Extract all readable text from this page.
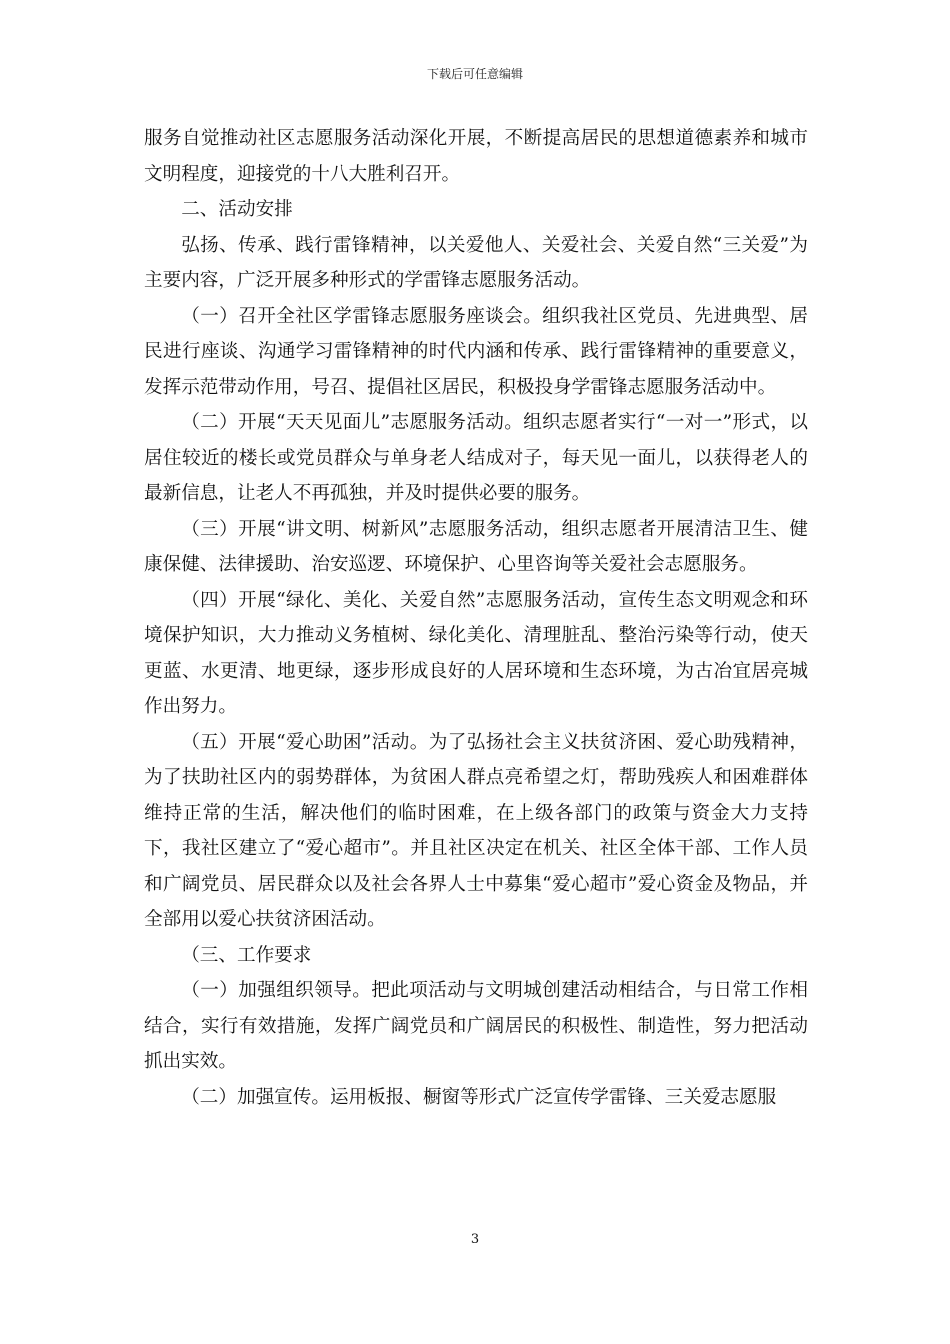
下载后可任意编辑

服务自觉推动社区志愿服务活动深化开展，不断提高居民的思想道德素养和城市文明程度，迎接党的十八大胜利召开。

二、活动安排

弘扬、传承、践行雷锋精神，以关爱他人、关爱社会、关爱自然“三关爱”为主要内容，广泛开展多种形式的学雷锋志愿服务活动。

（一）召开全社区学雷锋志愿服务座谈会。组织我社区党员、先进典型、居民进行座谈、沟通学习雷锋精神的时代内涵和传承、践行雷锋精神的重要意义，发挥示范带动作用，号召、提倡社区居民，积极投身学雷锋志愿服务活动中。

（二）开展“天天见面儿”志愿服务活动。组织志愿者实行“一对一”形式，以居住较近的楼长或党员群众与单身老人结成对子，每天见一面儿，以获得老人的最新信息，让老人不再孤独，并及时提供必要的服务。

（三）开展“讲文明、树新风”志愿服务活动，组织志愿者开展清洁卫生、健康保健、法律援助、治安巡逻、环境保护、心里咨询等关爱社会志愿服务。

（四）开展“绿化、美化、关爱自然”志愿服务活动，宣传生态文明观念和环境保护知识，大力推动义务植树、绿化美化、清理脏乱、整治污染等行动，使天更蓝、水更清、地更绿，逐步形成良好的人居环境和生态环境，为古冶宜居亮城作出努力。

（五）开展“爱心助困”活动。为了弘扬社会主义扶贫济困、爱心助残精神，为了扶助社区内的弱势群体，为贫困人群点亮希望之灯，帮助残疾人和困难群体维持正常的生活，解决他们的临时困难，在上级各部门的政策与资金大力支持下，我社区建立了“爱心超市”。并且社区决定在机关、社区全体干部、工作人员和广阔党员、居民群众以及社会各界人士中募集“爱心超市”爱心资金及物品，并全部用以爱心扶贫济困活动。

（三、工作要求

（一）加强组织领导。把此项活动与文明城创建活动相结合，与日常工作相结合，实行有效措施，发挥广阔党员和广阔居民的积极性、制造性，努力把活动抓出实效。

（二）加强宣传。运用板报、橱窗等形式广泛宣传学雷锋、三关爱志愿服

3
